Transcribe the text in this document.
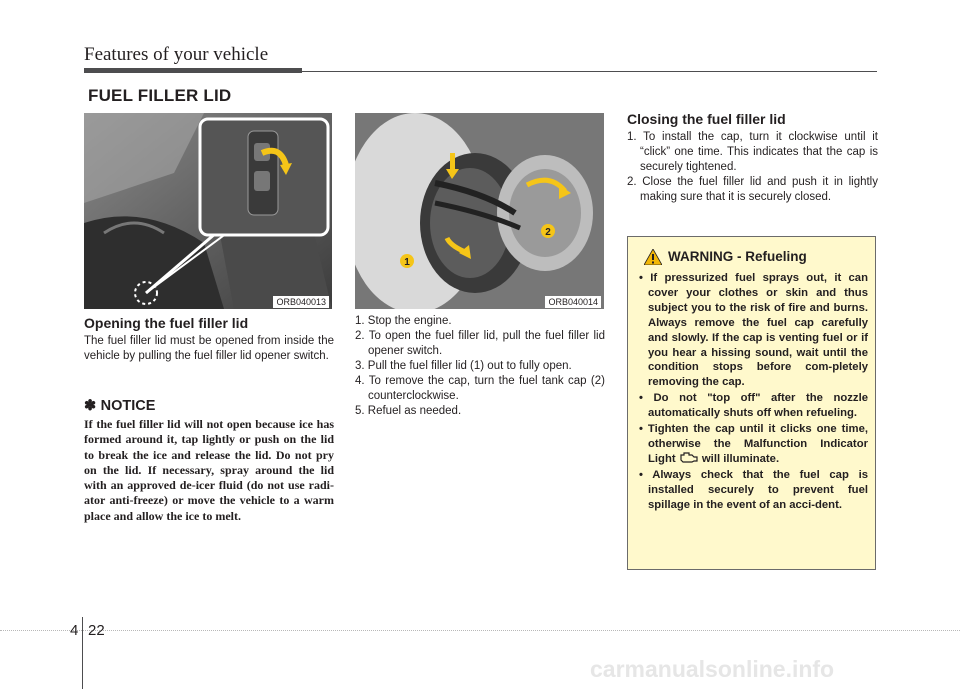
Features of your vehicle
FUEL FILLER LID
ORB040013
1
2
ORB040014
Opening the fuel filler lid
The fuel filler lid must be opened from inside the vehicle by pulling the fuel filler lid opener switch.
✽ NOTICE
If the fuel filler lid will not open because ice has formed around it, tap lightly or push on the lid to break the ice and release the lid. Do not pry on the lid. If necessary, spray around the lid with an approved de-icer fluid (do not use radi-ator anti-freeze) or move the vehicle to a warm place and allow the ice to melt.
1. Stop the engine.
2. To open the fuel filler lid, pull the fuel filler lid opener switch.
3. Pull the fuel filler lid (1) out to fully open.
4. To remove the cap, turn the fuel tank cap (2) counterclockwise.
5. Refuel as needed.
Closing the fuel filler lid
1. To install the cap, turn it clockwise until it “click” one time. This indicates that the cap is securely tightened.
2. Close the fuel filler lid and push it in lightly making sure that it is securely closed.
WARNING - Refueling
• If pressurized fuel sprays out, it can cover your clothes or skin and thus subject you to the risk of fire and burns. Always remove the fuel cap carefully and slowly. If the cap is venting fuel or if you hear a hissing sound, wait until the condition stops before com-pletely removing the cap.
• Do not "top off" after the nozzle automatically shuts off when refueling.
• Tighten the cap until it clicks one time, otherwise the Malfunction Indicator Light  will illuminate.
• Always check that the fuel cap is installed securely to prevent fuel spillage in the event of an acci-dent.
4 22
carmanualsonline.info
